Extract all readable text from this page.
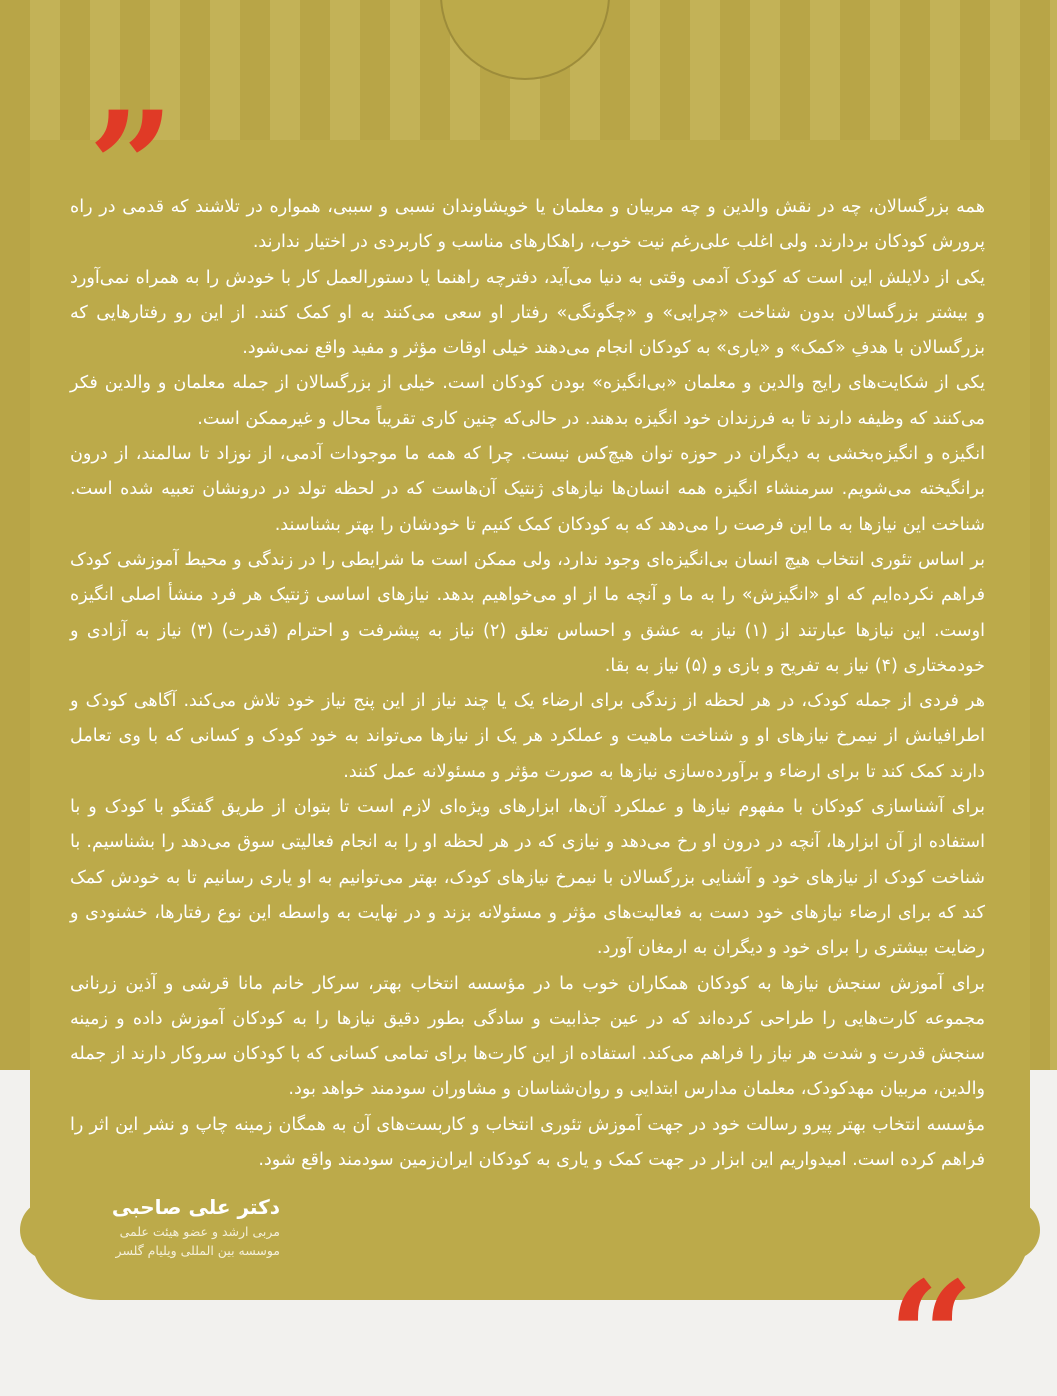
”

همه بزرگسالان، چه در نقش والدین و چه مربیان و معلمان یا خویشاوندان نسبی و سببی، همواره در تلاشند که قدمی در راه پرورش کودکان بردارند. ولی اغلب علی‌رغم نیت خوب، راهکارهای مناسب و کاربردی در اختیار ندارند.

یکی از دلایلش این است که کودک آدمی وقتی به دنیا می‌آید، دفترچه راهنما یا دستورالعمل کار با خودش را به همراه نمی‌آورد و بیشتر بزرگسالان بدون شناخت «چرایی» و «چگونگی» رفتار او سعی می‌کنند به او کمک کنند. از این رو رفتارهایی که بزرگسالان با هدفِ «کمک» و «یاری» به کودکان انجام می‌دهند خیلی اوقات مؤثر و مفید واقع نمی‌شود.

یکی از شکایت‌های رایج والدین و معلمان «بی‌انگیزه» بودن کودکان است. خیلی از بزرگسالان از جمله معلمان و والدین فکر می‌کنند که وظیفه دارند تا به فرزندان خود انگیزه بدهند. در حالی‌که چنین کاری تقریباً محال و غیرممکن است.

انگیزه و انگیزه‌بخشی به دیگران در حوزه توان هیچ‌کس نیست. چرا که همه ما موجودات آدمی، از نوزاد تا سالمند، از درون برانگیخته می‌شویم. سرمنشاء انگیزه همه انسان‌ها نیازهای ژنتیک آن‌هاست که در لحظه تولد در درونشان تعبیه شده است. شناخت این نیازها به ما این فرصت را می‌دهد که به کودکان کمک کنیم تا خودشان را بهتر بشناسند.

بر اساس تئوری انتخاب هیچ انسان بی‌انگیزه‌ای وجود ندارد، ولی ممکن است ما شرایطی را در زندگی و محیط آموزشی کودک فراهم نکرده‌ایم که او «انگیزش» را به ما و آنچه ما از او می‌خواهیم بدهد. نیازهای اساسی ژنتیک هر فرد منشأ اصلی انگیزه اوست. این نیازها عبارتند از (۱) نیاز به عشق و احساس تعلق (۲) نیاز به پیشرفت و احترام (قدرت) (۳) نیاز به آزادی و خودمختاری (۴) نیاز به تفریح و بازی و (۵) نیاز به بقا.

هر فردی از جمله کودک، در هر لحظه از زندگی برای ارضاء یک یا چند نیاز از این پنج نیاز خود تلاش می‌کند. آگاهی کودک و اطرافیانش از نیمرخ نیازهای او و شناخت ماهیت و عملکرد هر یک از نیازها می‌تواند به خود کودک و کسانی که با وی تعامل دارند کمک کند تا برای ارضاء و برآورده‌سازی نیازها به صورت مؤثر و مسئولانه عمل کنند.

برای آشناسازی کودکان با مفهوم نیازها و عملکرد آن‌ها، ابزارهای ویژه‌ای لازم است تا بتوان از طریق گفتگو با کودک و با استفاده از آن ابزارها، آنچه در درون او رخ می‌دهد و نیازی که در هر لحظه او را به انجام فعالیتی سوق می‌دهد را بشناسیم. با شناخت کودک از نیازهای خود و آشنایی بزرگسالان با نیمرخ نیازهای کودک، بهتر می‌توانیم به او یاری رسانیم تا به خودش کمک کند که برای ارضاء نیازهای خود دست به فعالیت‌های مؤثر و مسئولانه بزند و در نهایت به واسطه این نوع رفتارها، خشنودی و رضایت بیشتری را برای خود و دیگران به ارمغان آورد.

برای آموزش سنجش نیازها به کودکان همکاران خوب ما در مؤسسه انتخاب بهتر، سرکار خانم مانا قرشی و آذین زرنانی مجموعه کارت‌هایی را طراحی کرده‌اند که در عین جذابیت و سادگی بطور دقیق نیازها را به کودکان آموزش داده و زمینه سنجش قدرت و شدت هر نیاز را فراهم می‌کند. استفاده از این کارت‌ها برای تمامی کسانی که با کودکان سروکار دارند از جمله والدین، مربیان مهدکودک، معلمان مدارس ابتدایی و روان‌شناسان و مشاوران سودمند خواهد بود.

مؤسسه انتخاب بهتر پیرو رسالت خود در جهت آموزش تئوری انتخاب و کاربست‌های آن به همگان زمینه چاپ و نشر این اثر را فراهم کرده است. امیدواریم این ابزار در جهت کمک و یاری به کودکان ایران‌زمین سودمند واقع شود.

دکتر علی صاحبی
مربی ارشد و عضو هیئت علمی
موسسه بین المللی ویلیام گلسر	“
